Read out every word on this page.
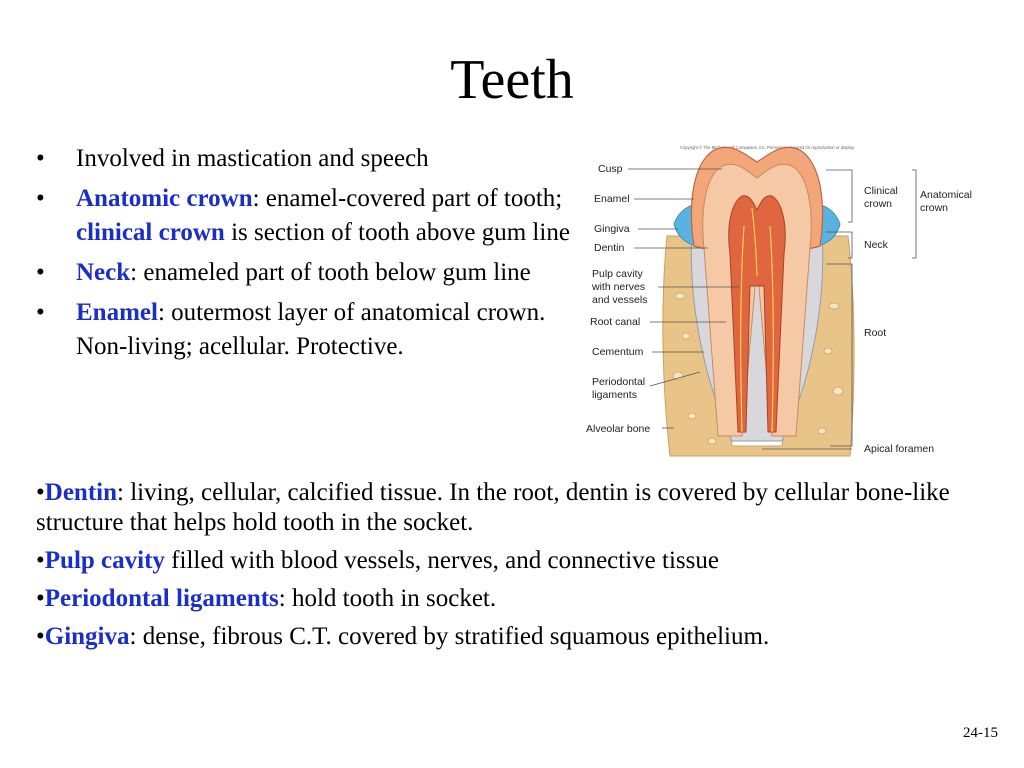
Teeth
• Involved in mastication and speech
• Anatomic crown: enamel-covered part of tooth; clinical crown is section of tooth above gum line
• Neck: enameled part of tooth below gum line
• Enamel: outermost layer of anatomical crown. Non-living; acellular. Protective.
Copyright © The McGraw-Hill Companies, Inc. Permission required for reproduction or display.
Cusp
Enamel
Gingiva
Dentin
Pulp cavity
with nerves
and vessels
Root canal
Cementum
Periodontal
ligaments
Alveolar bone
Clinical
crown
Anatomical
crown
Neck
Root
Apical foramen
•Dentin: living, cellular, calcified tissue. In the root, dentin is covered by cellular bone-like structure that helps hold tooth in the socket.
•Pulp cavity filled with blood vessels, nerves, and connective tissue
•Periodontal ligaments: hold tooth in socket.
•Gingiva: dense, fibrous C.T. covered by stratified squamous epithelium.
24-15
